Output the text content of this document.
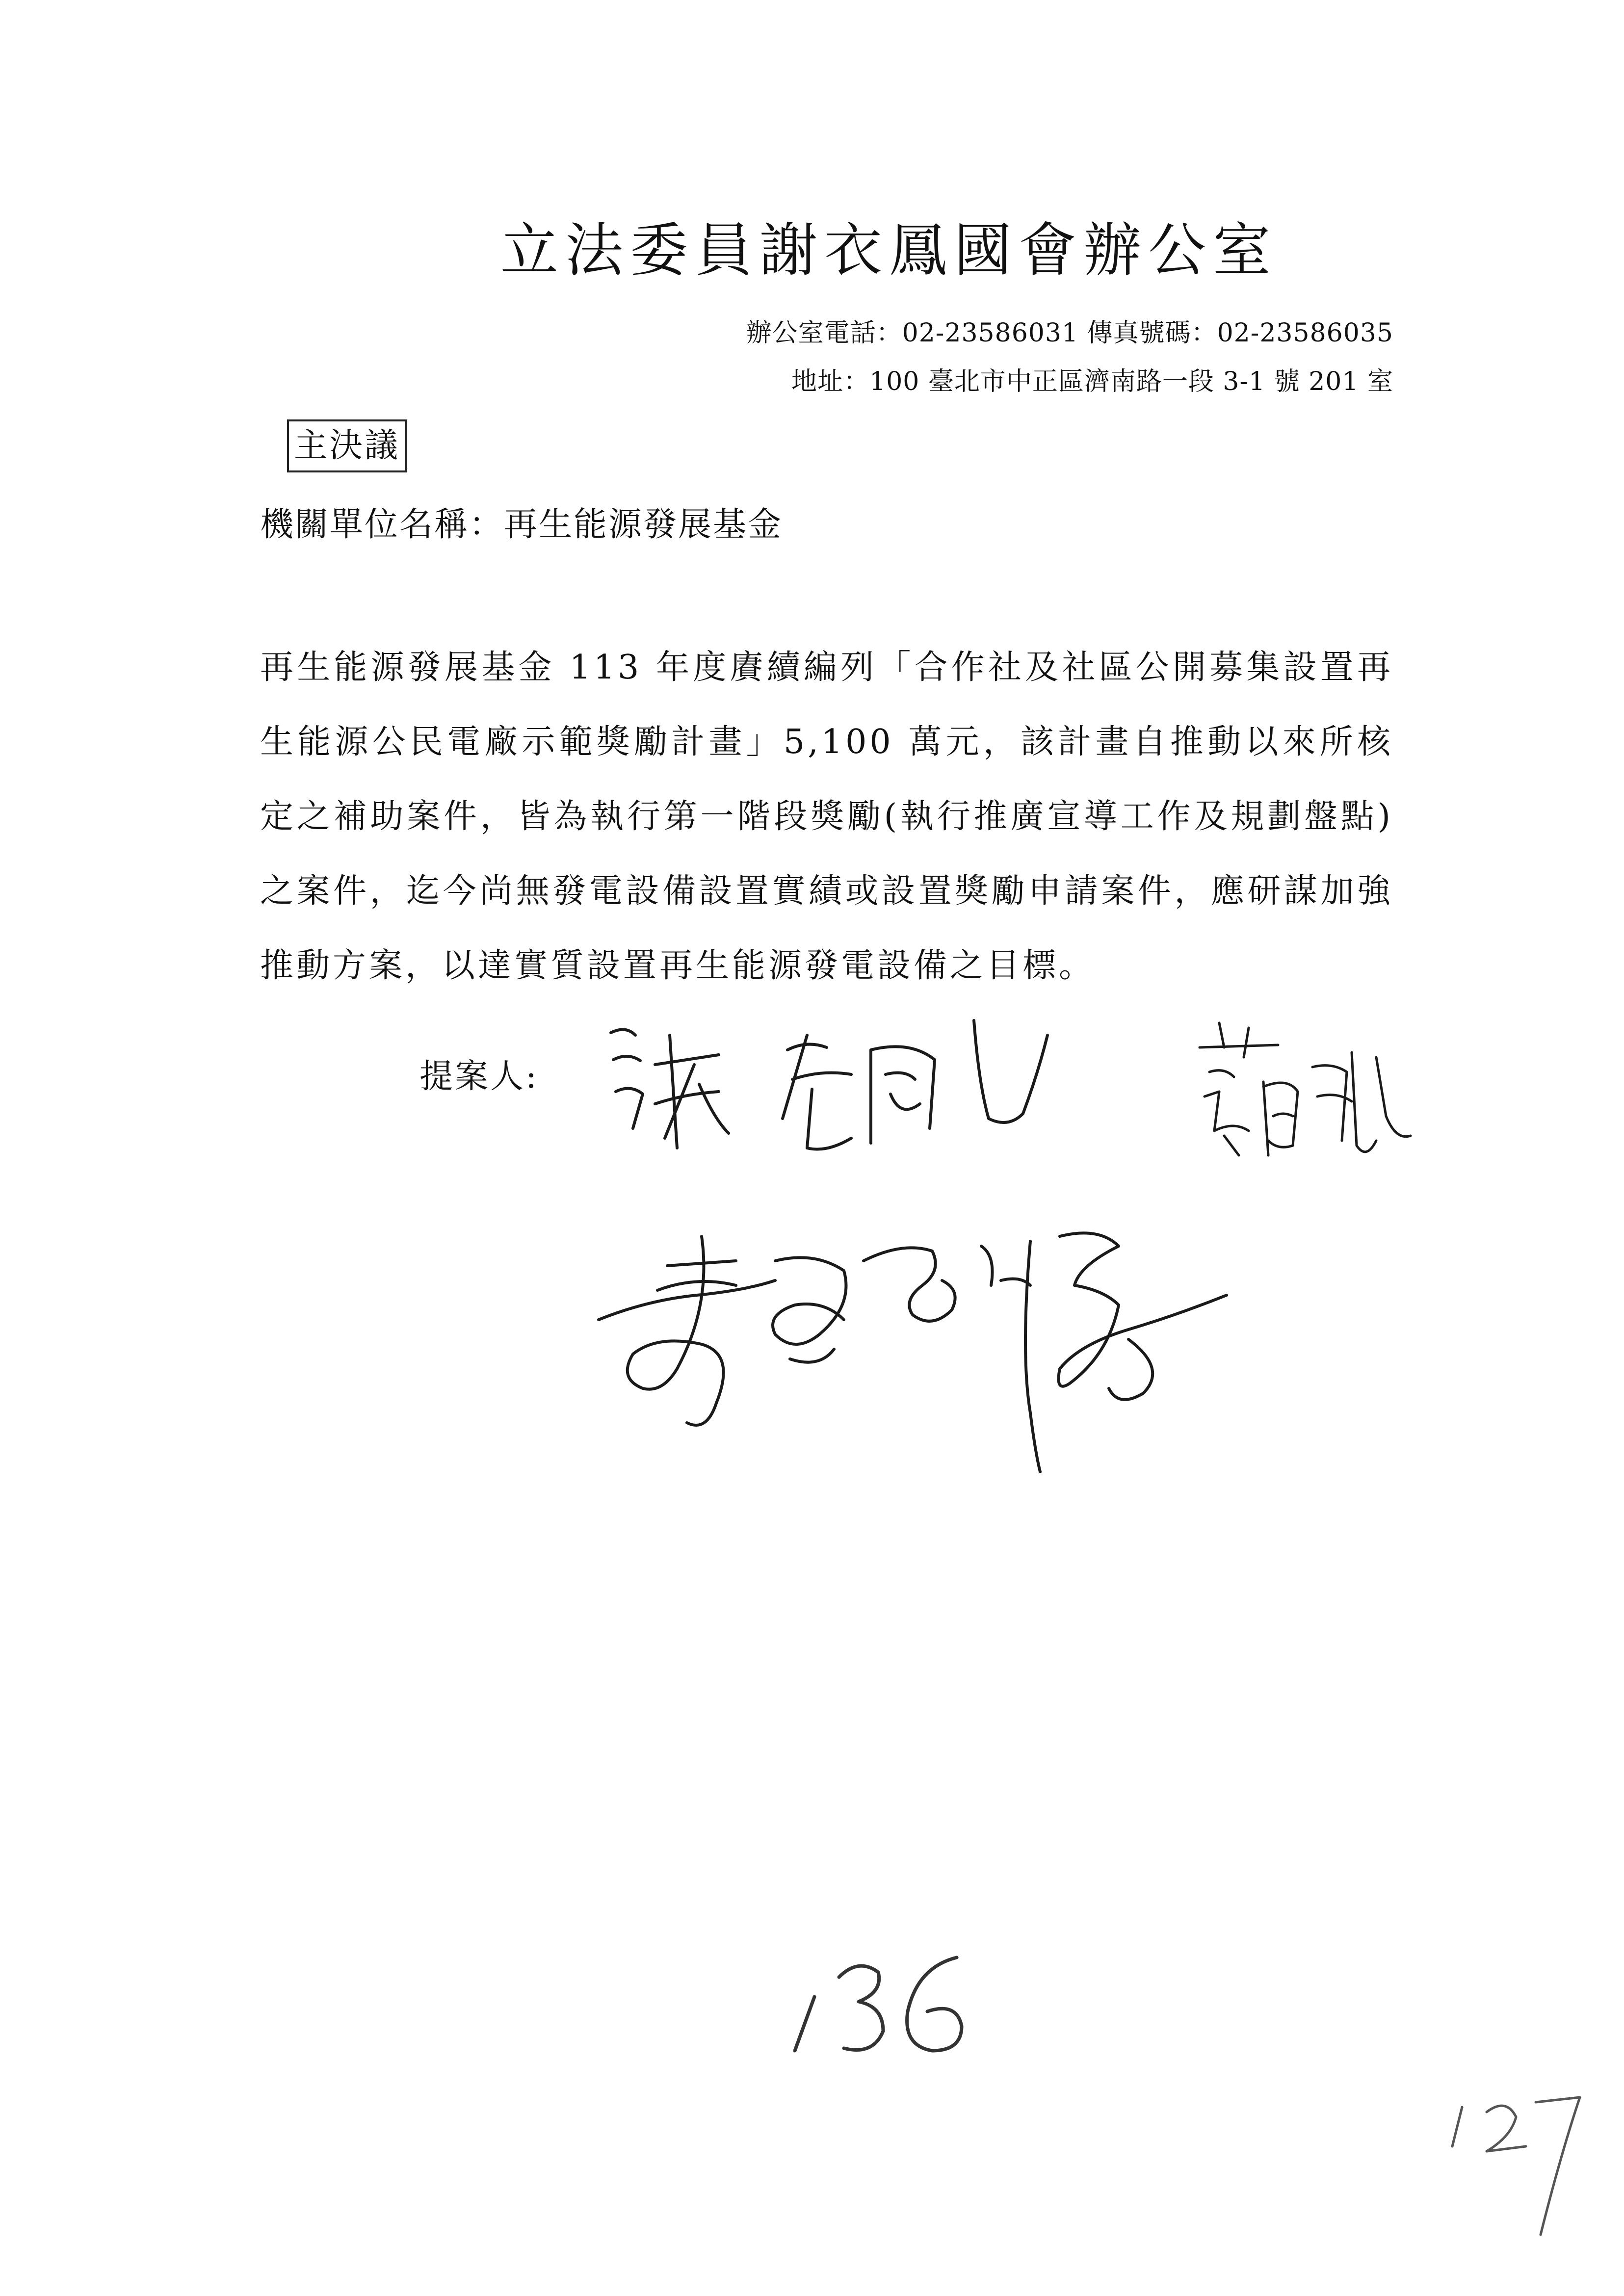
立法委員謝衣鳳國會辦公室
辦公室電話：02-23586031 傳真號碼：02-23586035
地址：100 臺北市中正區濟南路一段 3-1 號 201 室
主決議
機關單位名稱：再生能源發展基金
再生能源發展基金 113 年度賡續編列「合作社及社區公開募集設置再生能源公民電廠示範獎勵計畫」5,100 萬元，該計畫自推動以來所核定之補助案件，皆為執行第一階段獎勵(執行推廣宣導工作及規劃盤點)之案件，迄今尚無發電設備設置實績或設置獎勵申請案件，應研謀加強推動方案，以達實質設置再生能源發電設備之目標。
提案人:
